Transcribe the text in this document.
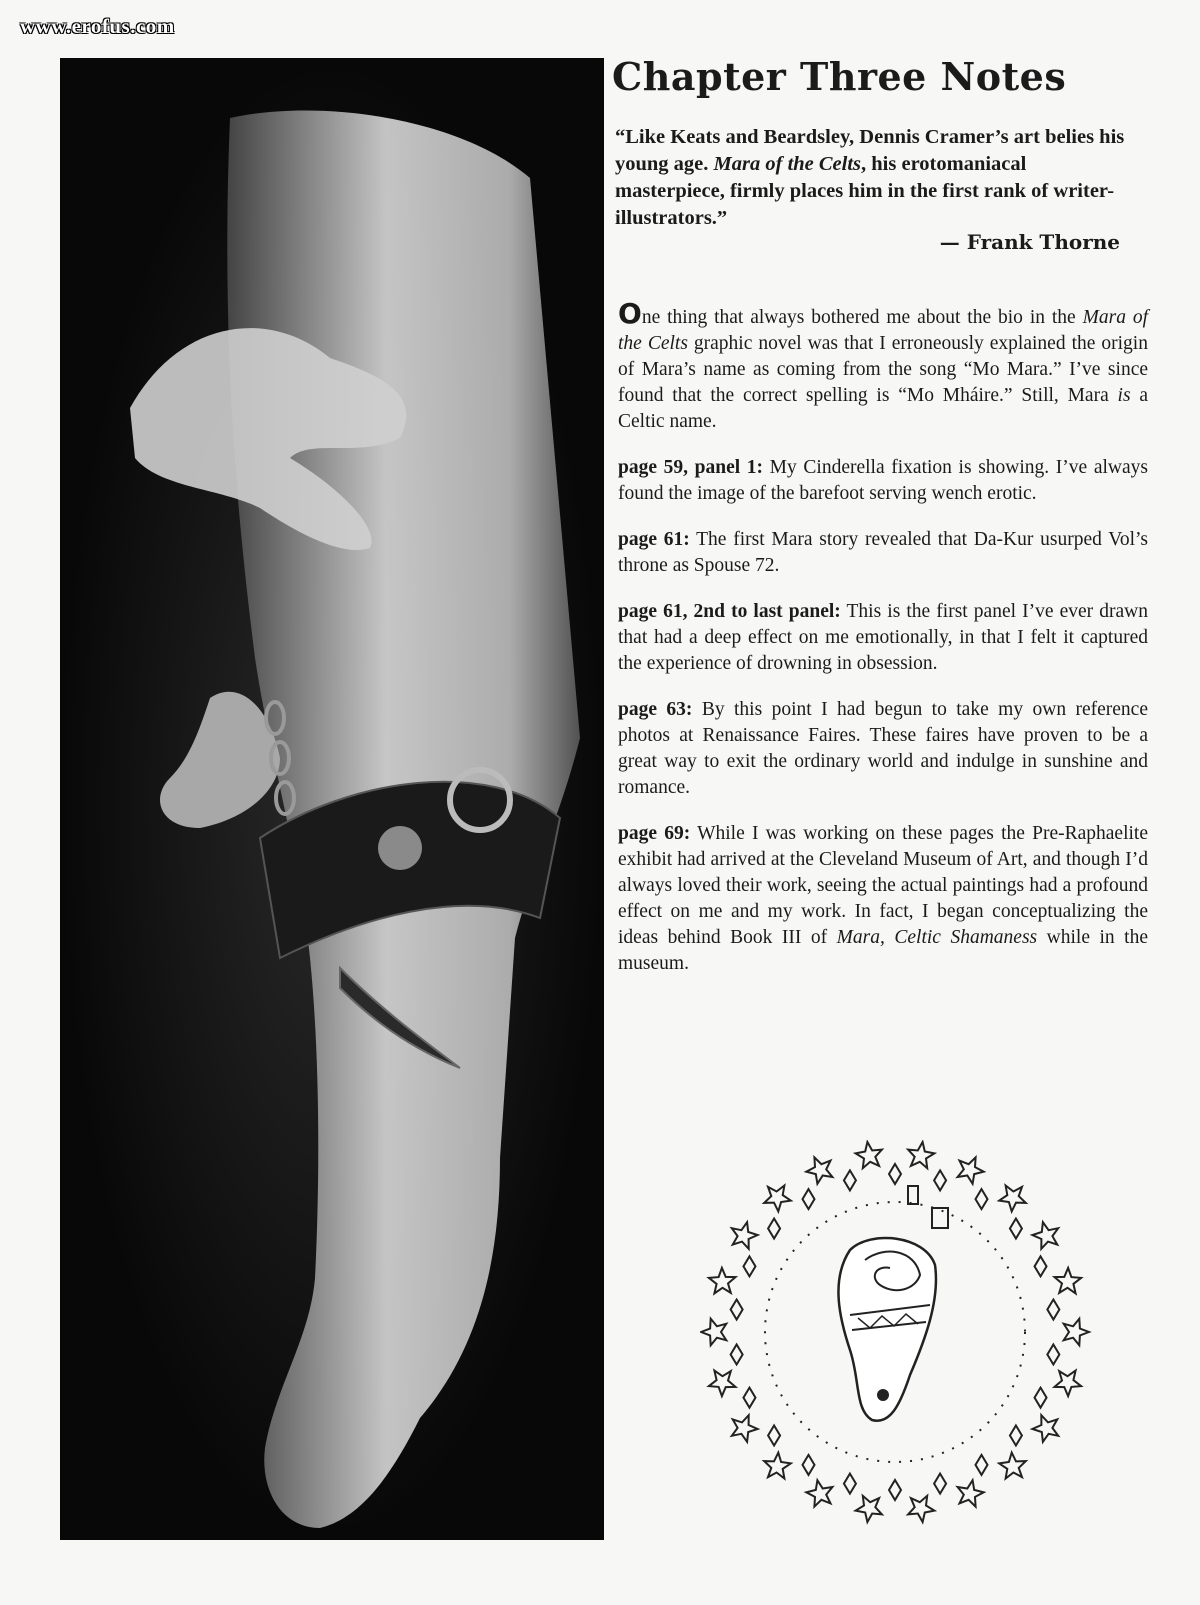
www.erofus.com
Chapter Three Notes

“Like Keats and Beardsley, Dennis Cramer’s art belies his young age. Mara of the Celts, his erotomaniacal masterpiece, firmly places him in the first rank of writer-illustrators.”

— Frank Thorne

One thing that always bothered me about the bio in the Mara of the Celts graphic novel was that I erroneously explained the origin of Mara’s name as coming from the song “Mo Mara.” I’ve since found that the correct spelling is “Mo Mháire.” Still, Mara is a Celtic name.

page 59, panel 1: My Cinderella fixation is showing. I’ve always found the image of the barefoot serving wench erotic.

page 61: The first Mara story revealed that Da-Kur usurped Vol’s throne as Spouse 72.

page 61, 2nd to last panel: This is the first panel I’ve ever drawn that had a deep effect on me emotionally, in that I felt it captured the experience of drowning in obsession.

page 63: By this point I had begun to take my own reference photos at Renaissance Faires. These faires have proven to be a great way to exit the ordinary world and indulge in sunshine and romance.

page 69: While I was working on these pages the Pre-Raphaelite exhibit had arrived at the Cleveland Museum of Art, and though I’d always loved their work, seeing the actual paintings had a profound effect on me and my work. In fact, I began conceptualizing the ideas behind Book III of Mara, Celtic Shamaness while in the museum.
